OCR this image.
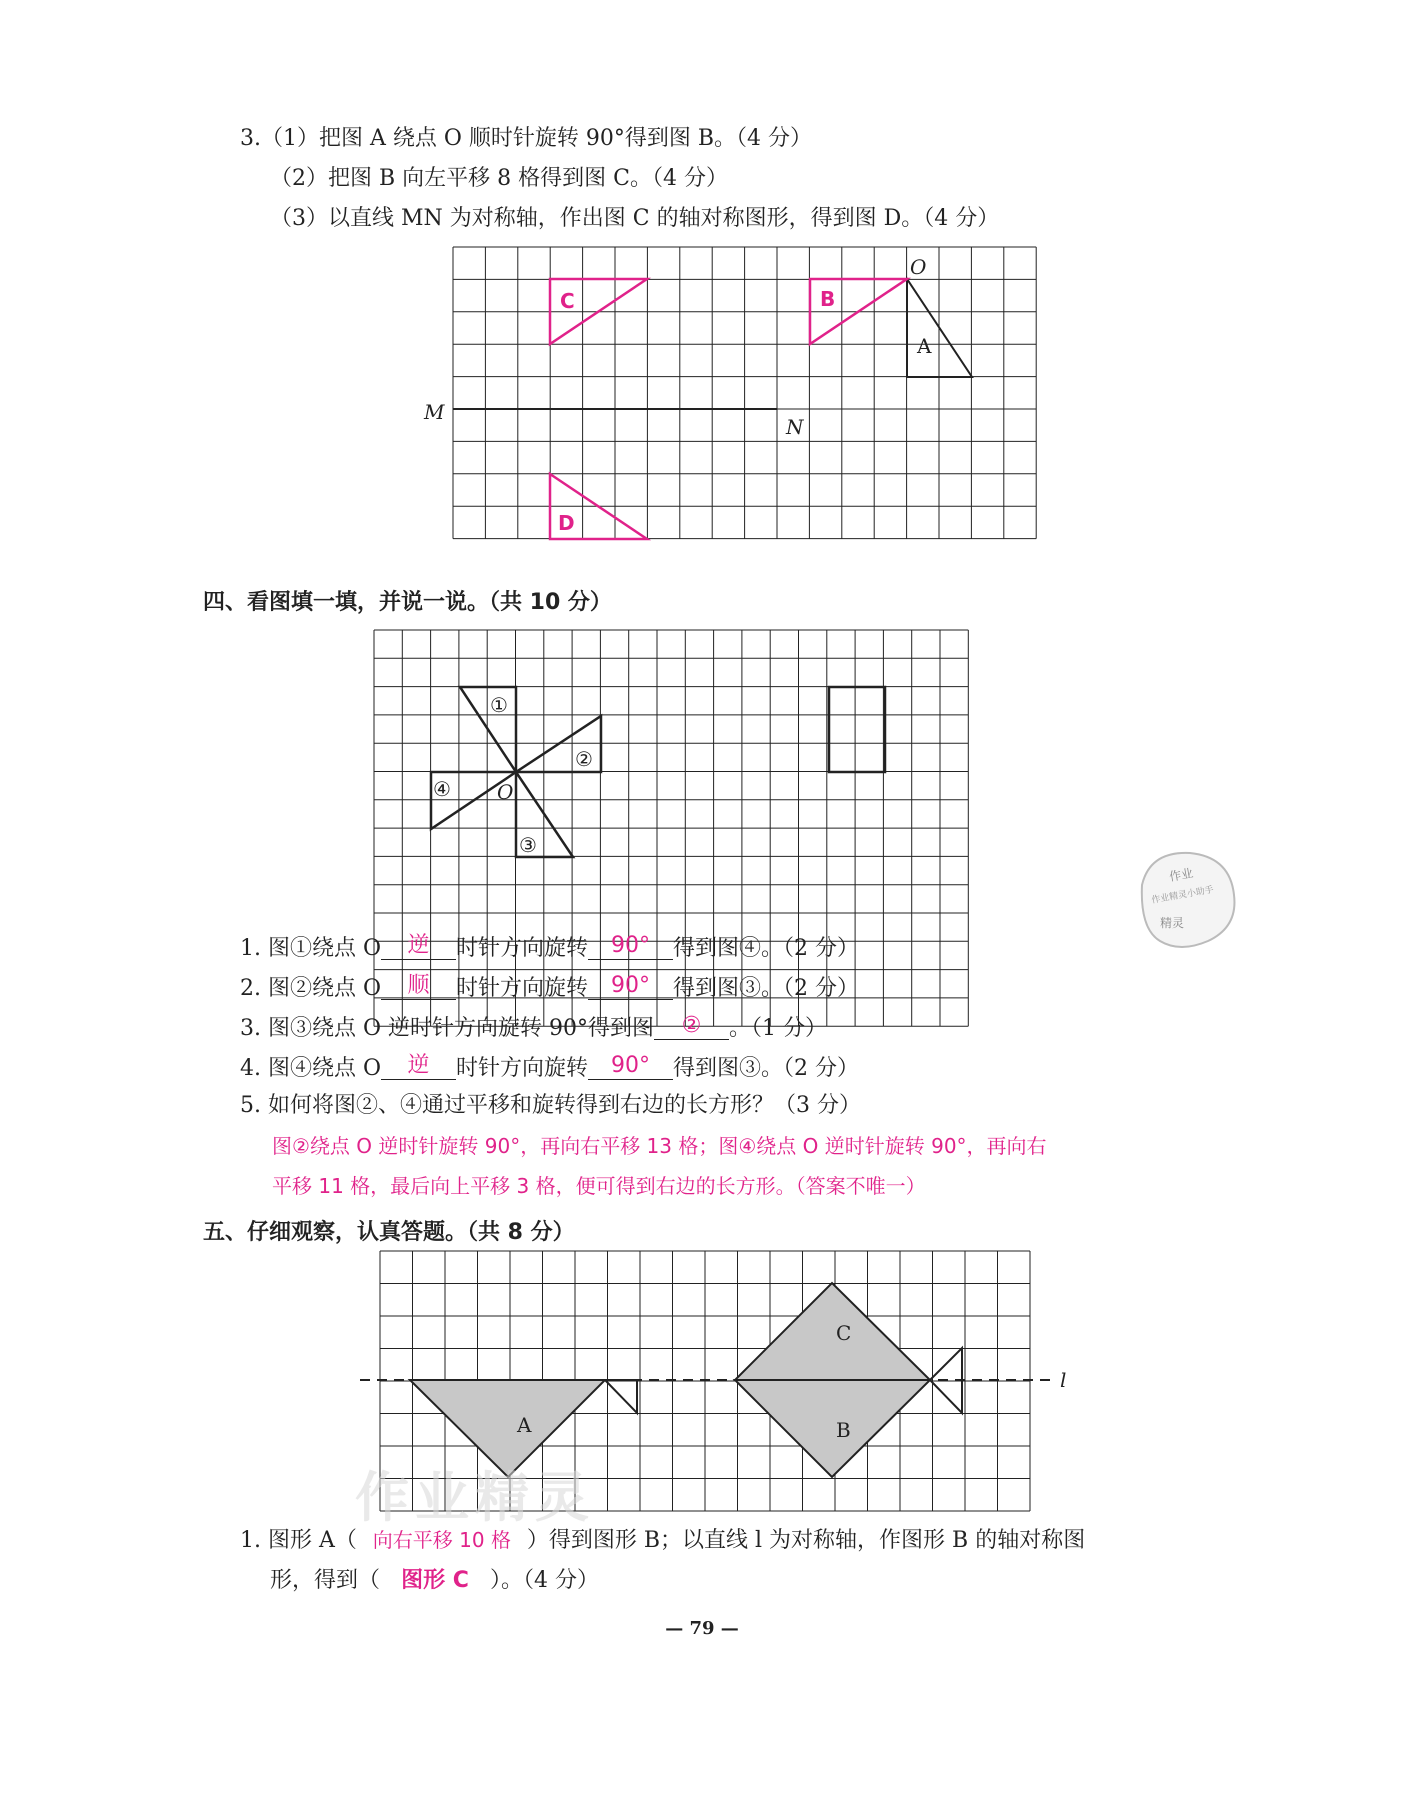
3.（1）把图 A 绕点 O 顺时针旋转 90°得到图 B。（4 分）
（2）把图 B 向左平移 8 格得到图 C。（4 分）
（3）以直线 MN 为对称轴，作出图 C 的轴对称图形，得到图 D。（4 分）
C	B
A
D
O
M
N
四、看图填一填，并说一说。（共 10 分）
①
②
③
④ O
作业
作业精灵小助手
精灵
1. 图①绕点 O 逆 时针方向旋转 90° 得到图④。（2 分）
2. 图②绕点 O 顺 时针方向旋转 90° 得到图③。（2 分）
3. 图③绕点 O 逆时针方向旋转 90°得到图 ② 。（1 分）
4. 图④绕点 O 逆 时针方向旋转 90° 得到图③。（2 分）
5. 如何将图②、④通过平移和旋转得到右边的长方形？（3 分）
图②绕点 O 逆时针旋转 90°，再向右平移 13 格；图④绕点 O 逆时针旋转 90°，再向右
平移 11 格，最后向上平移 3 格，便可得到右边的长方形。（答案不唯一）
五、仔细观察，认真答题。（共 8 分）
A	B
C
l
作业精灵
1. 图形 A（ 向右平移 10 格 ）得到图形 B；以直线 l 为对称轴，作图形 B 的轴对称图
形，得到（ 图形 C ）。（4 分）
— 79 —
